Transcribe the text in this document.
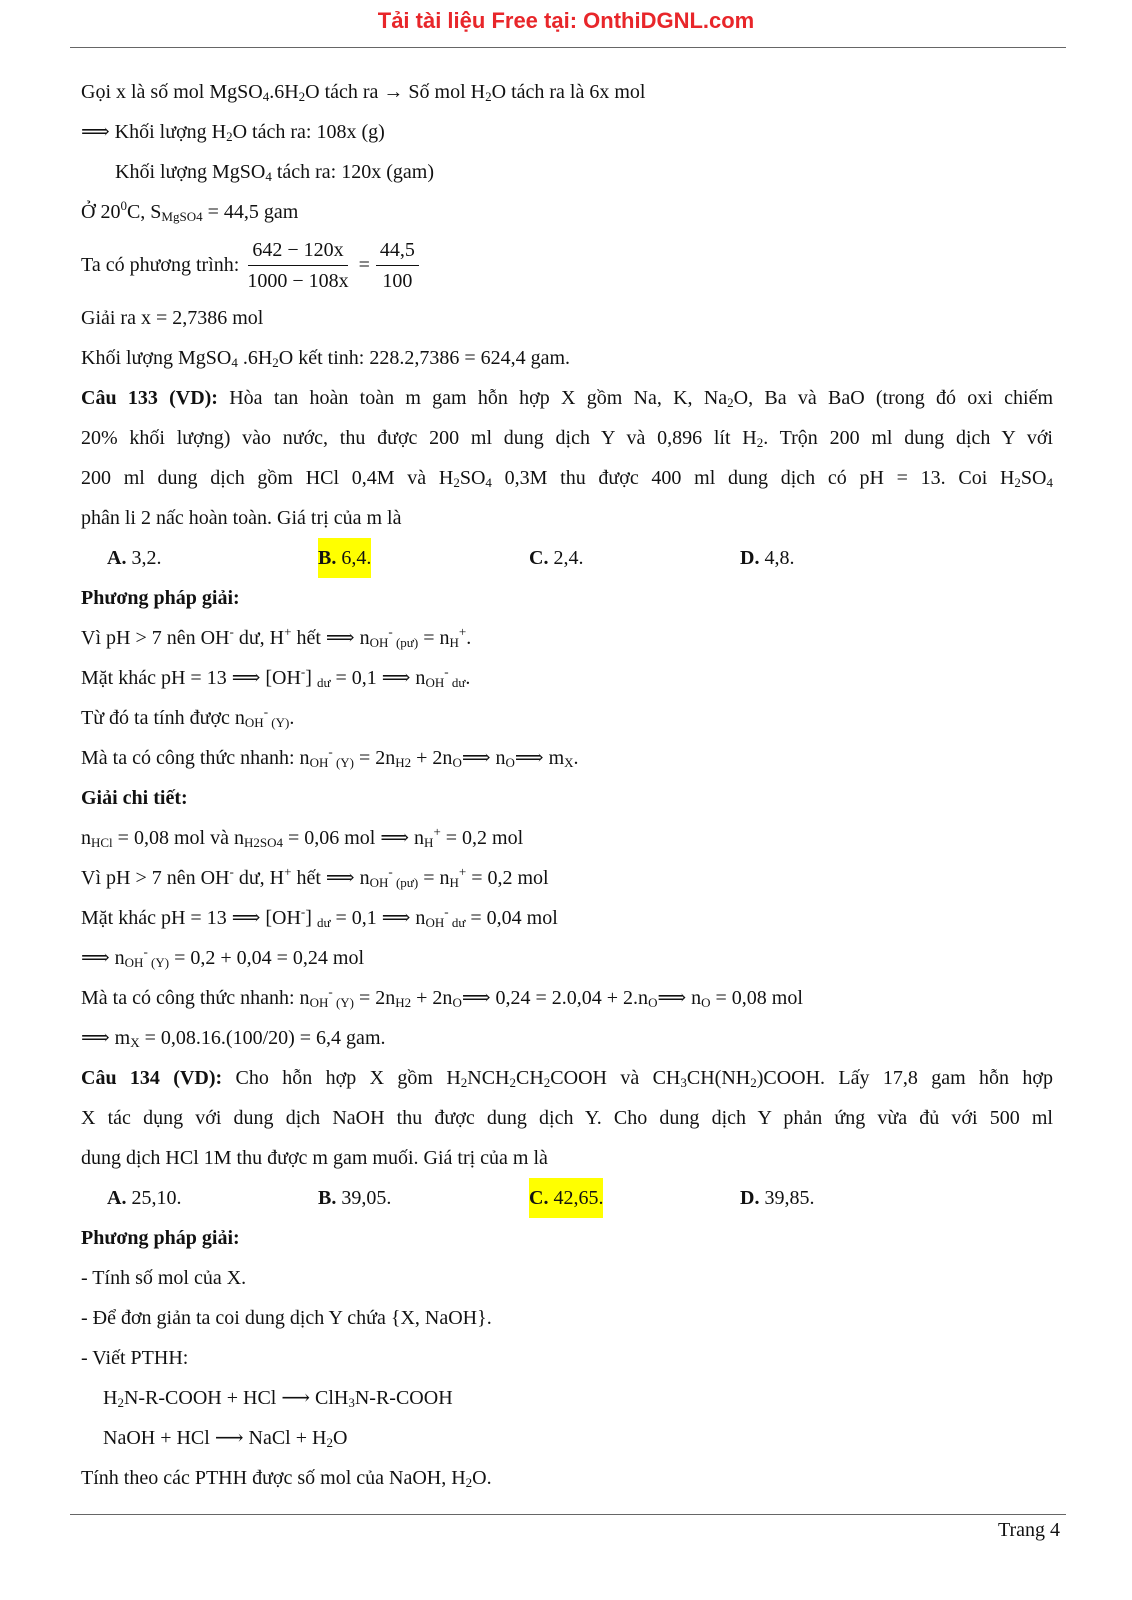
Tải tài liệu Free tại: OnthiDGNL.com
Gọi x là số mol $MgSO_4.6H_2O$ tách ra → Số mol $H_2O$ tách ra là 6x mol
⟹ Khối lượng $H_2O$ tách ra: 108x (g)
Khối lượng MgSO$_4$ tách ra: 120x (gam)
Ở $20^0C$, $S_{MgSO4} = 44,5$ gam
Ta có phương trình: $\frac{642 - 120x}{1000 - 108x} = \frac{44,5}{100}$
Giải ra x = 2,7386 mol
Khối lượng MgSO$_4$ $.6H_2O$ kết tinh: 228.2,7386 = 624,4 gam.
Câu 133 (VD): Hòa tan hoàn toàn m gam hỗn hợp X gồm Na, K, $Na_2O$, Ba và BaO (trong đó oxi chiếm
20% khối lượng) vào nước, thu được 200 ml dung dịch Y và 0,896 lít $H_2$. Trộn 200 ml dung dịch Y với
200 ml dung dịch gồm HCl 0,4M và $H_2SO_4$ 0,3M thu được 400 ml dung dịch có pH = 13. Coi $H_2SO_4$
phân li 2 nấc hoàn toàn. Giá trị của m là
A. 3,2.	B. 6,4.	C. 2,4.	D. 4,8.
Phương pháp giải:
Vì pH > 7 nên OH- dư, H+ hết ⟹ $n_{OH}^-$ $_{(pư)} = n_H^+$.
Mặt khác pH = 13 ⟹ [OH-] $_{dư}$ = 0,1 ⟹ $n_{OH}^-$ $_{dư}$.
Từ đó ta tính được $n_{OH}^-$ $_{(Y)}$.
Mà ta có công thức nhanh: $n_{OH}^-$ $_{(Y)} = 2n_{H2}$ + $2n_O⟹$ $n_O⟹$ $m_X$.
Giải chi tiết:
$n_{HCl} = 0,08$ mol và $n_{H2SO4} = 0,06$ mol ⟹ $n_H^+ = 0,2$ mol
Vì pH > 7 nên OH- dư, H+ hết ⟹ $n_{OH}^-$ $_{(pư)} = n_H^+ = 0,2$ mol
Mặt khác pH = 13 ⟹ [OH-] $_{dư}$ = 0,1 ⟹ $n_{OH}^-$ $_{dư}$ = 0,04 mol
⟹ $n_{OH}^-$ $_{(Y)}$ = 0,2 + 0,04 = 0,24 mol
Mà ta có công thức nhanh: $n_{OH}^-$ $_{(Y)} = 2n_{H2}$ + $2n_O⟹$ $0,24 = 2.0,04 + 2.n_O⟹$ $n_O = 0,08$ mol
⟹ $m_X = 0,08.16.(100/20) = 6,4$ gam.
Câu 134 (VD): Cho hỗn hợp X gồm $H_2NCH_2CH_2COOH$ và $CH_3CH(NH_2)COOH$. Lấy 17,8 gam hỗn hợp
X tác dụng với dung dịch NaOH thu được dung dịch Y. Cho dung dịch Y phản ứng vừa đủ với 500 ml
dung dịch HCl 1M thu được m gam muối. Giá trị của m là
A. 25,10.	B. 39,05.	C. 42,65.	D. 39,85.
Phương pháp giải:
- Tính số mol của X.
- Để đơn giản ta coi dung dịch Y chứa {X, NaOH}.
- Viết PTHH:
$H_2N-R$-COOH + HCl ⟶ ClH$_3$N-R-COOH
NaOH + HCl ⟶ NaCl + $H_2O$
Tính theo các PTHH được số mol của NaOH, $H_2O$.
Trang 4
